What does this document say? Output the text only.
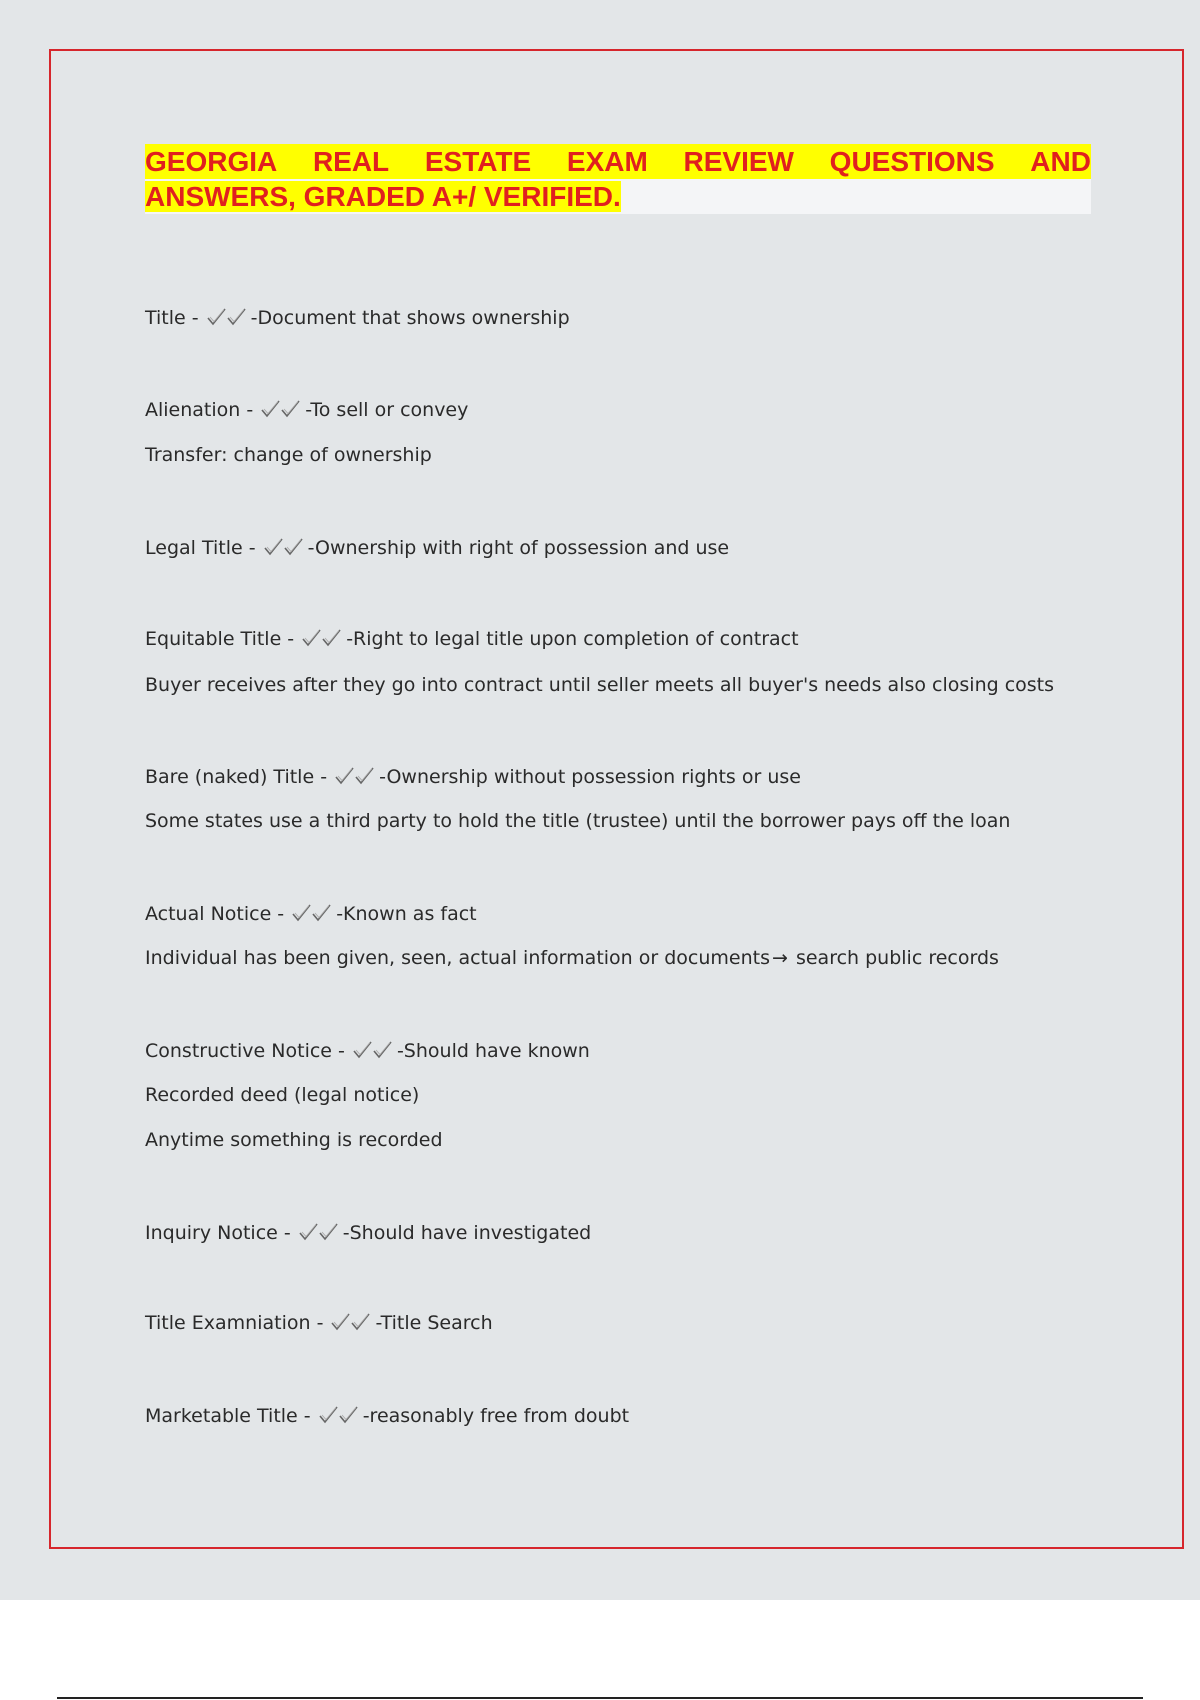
GEORGIA REAL ESTATE EXAM REVIEW QUESTIONS AND
ANSWERS, GRADED A+/ VERIFIED.
Title -
-Document that shows ownership
Alienation -
-To sell or convey
Transfer: change of ownership
Legal Title -
-Ownership with right of possession and use
Equitable Title -
-Right to legal title upon completion of contract
Buyer receives after they go into contract until seller meets all buyer's needs also closing costs
Bare (naked) Title -
-Ownership without possession rights or use
Some states use a third party to hold the title (trustee) until the borrower pays off the loan
Actual Notice -
-Known as fact
Individual has been given, seen, actual information or documents → search public records
Constructive Notice -
-Should have known
Recorded deed (legal notice)
Anytime something is recorded
Inquiry Notice -
-Should have investigated
Title Examniation -
-Title Search
Marketable Title -
-reasonably free from doubt
